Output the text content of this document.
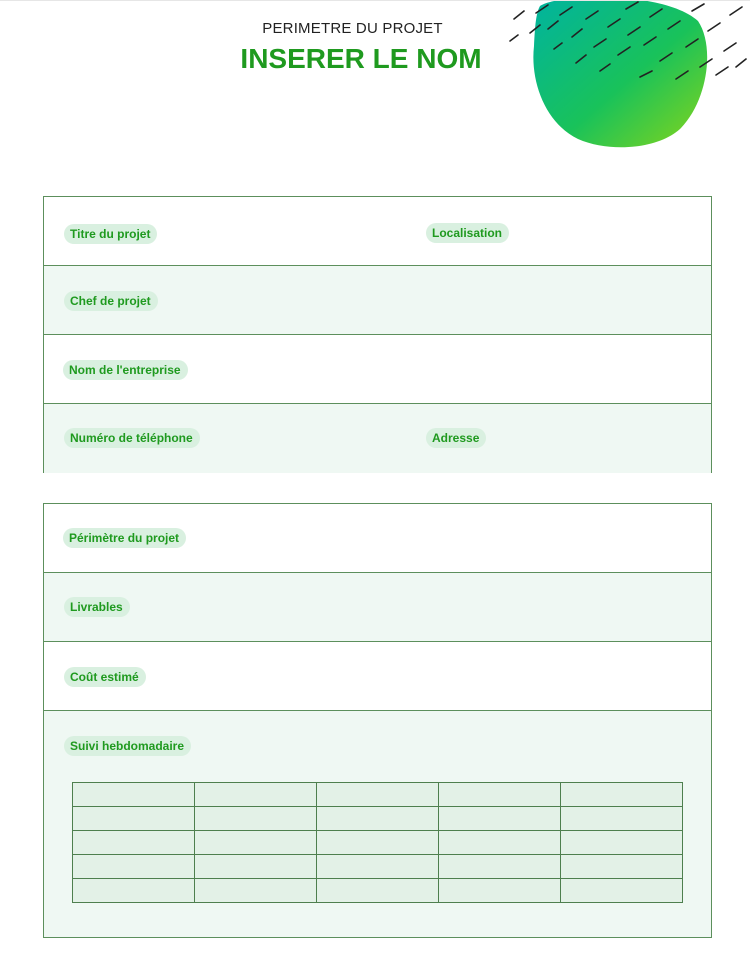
PERIMETRE DU PROJET
INSERER LE NOM
Titre du projet	Localisation
Chef de projet
Nom de l'entreprise
Numéro de téléphone	Adresse
Périmètre du projet
Livrables
Coût estimé
Suivi hebdomadaire
